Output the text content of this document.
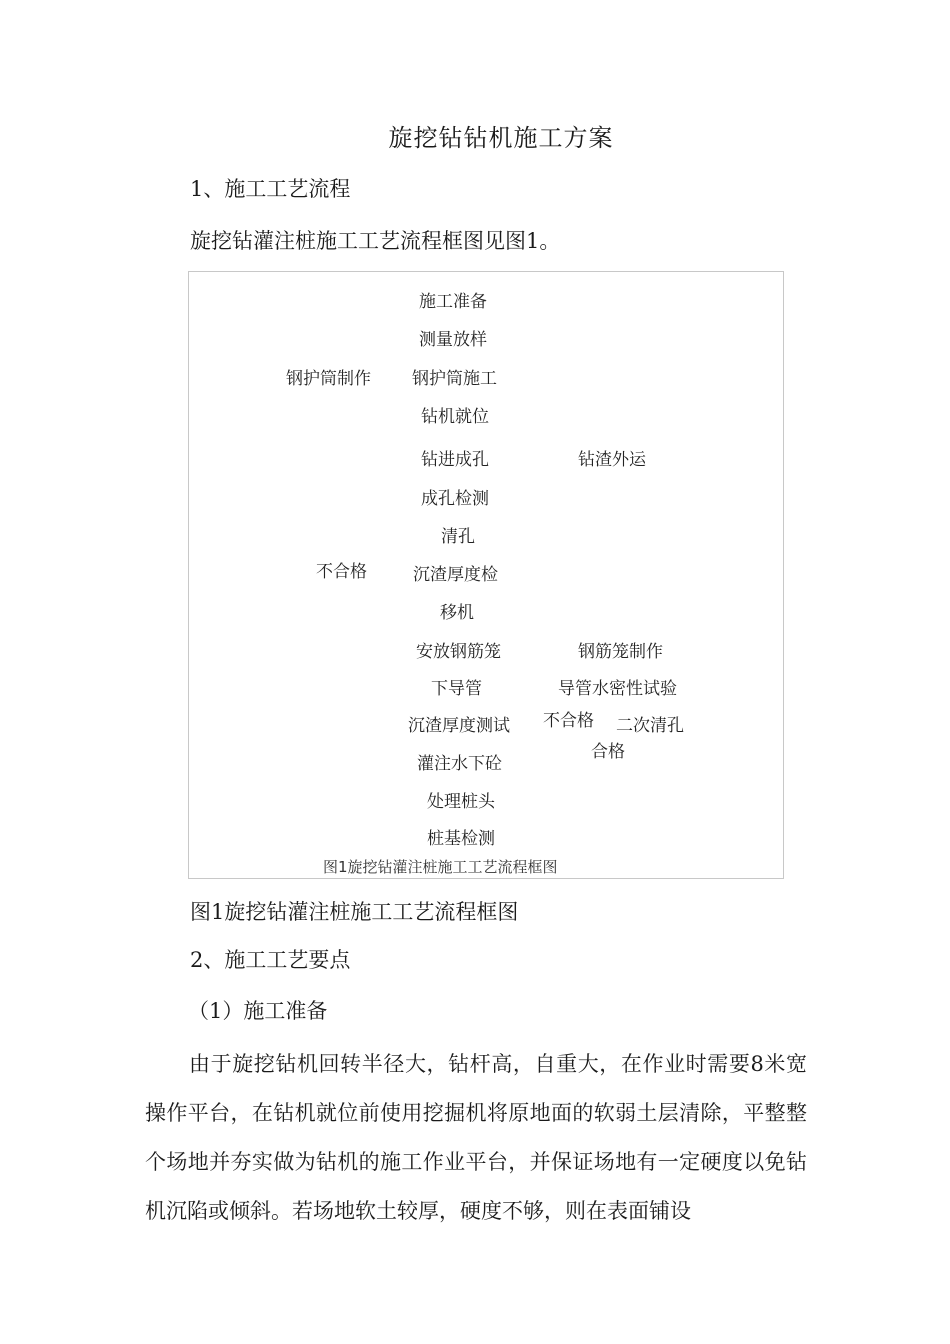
旋挖钻钻机施工方案
1、施工工艺流程
旋挖钻灌注桩施工工艺流程框图见图1。
施工准备
测量放样
钢护筒施工
钻机就位
钻进成孔
成孔检测
清孔
沉渣厚度检
移机
安放钢筋笼
下导管
沉渣厚度测试
灌注水下砼
处理桩头
桩基检测
钢护筒制作
钻渣外运
不合格
钢筋笼制作
导管水密性试验
不合格 二次清孔
合格
图1旋挖钻灌注桩施工工艺流程框图
图1旋挖钻灌注桩施工工艺流程框图
2、施工工艺要点
（1）施工准备
由于旋挖钻机回转半径大，钻杆高，自重大，在作业时需要8米宽操作平台，在钻机就位前使用挖掘机将原地面的软弱土层清除，平整整个场地并夯实做为钻机的施工作业平台，并保证场地有一定硬度以免钻机沉陷或倾斜。若场地软土较厚，硬度不够，则在表面铺设
